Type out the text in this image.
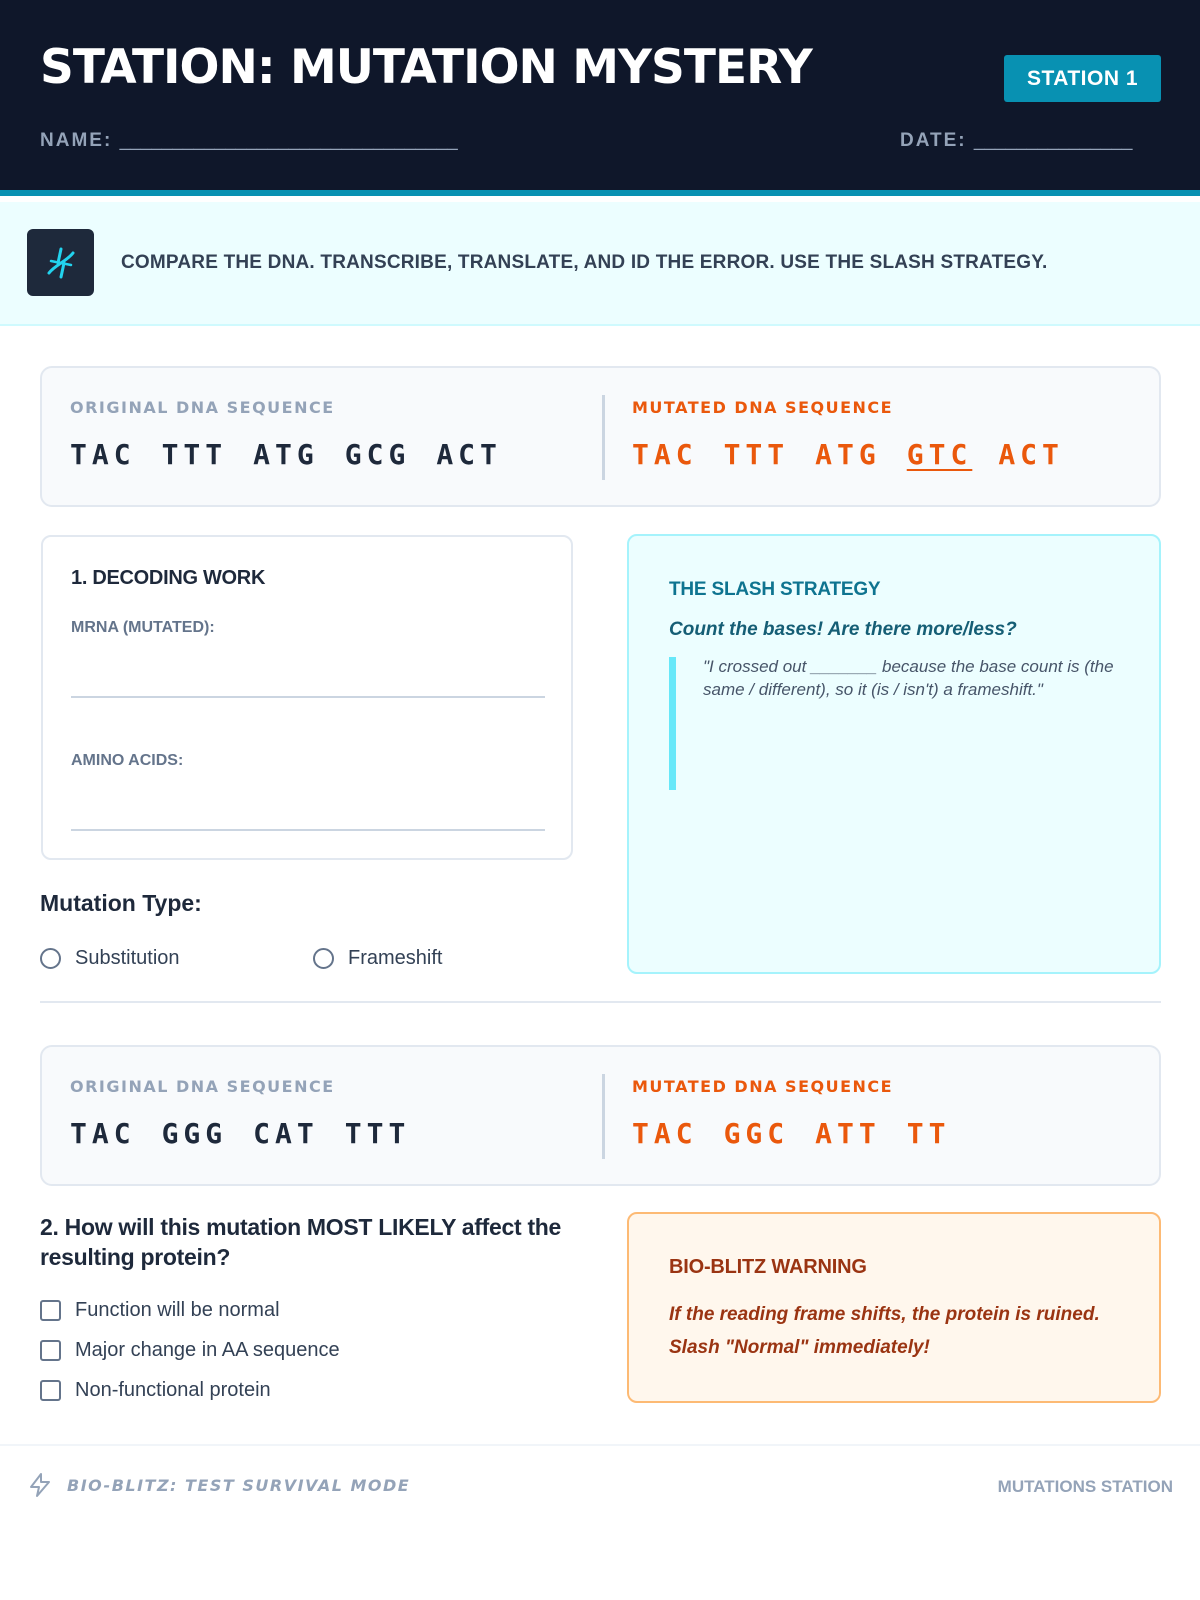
STATION: MUTATION MYSTERY	STATION 1
NAME: ________________________________	DATE: _______________
COMPARE THE DNA. TRANSCRIBE, TRANSLATE, AND ID THE ERROR. USE THE SLASH STRATEGY.
ORIGINAL DNA SEQUENCE
TAC TTT ATG GCG ACT
MUTATED DNA SEQUENCE
TAC TTT ATG GTC ACT
1. DECODING WORK
MRNA (MUTATED):
AMINO ACIDS:
Mutation Type:
Substitution	Frameshift
THE SLASH STRATEGY
Count the bases! Are there more/less?
"I crossed out _______ because the base count is (the same / different), so it (is / isn't) a frameshift."
ORIGINAL DNA SEQUENCE
TAC GGG CAT TTT
MUTATED DNA SEQUENCE
TAC GGC ATT TT
2. How will this mutation MOST LIKELY affect the resulting protein?
Function will be normal
Major change in AA sequence
Non-functional protein
BIO-BLITZ WARNING
If the reading frame shifts, the protein is ruined. Slash "Normal" immediately!
BIO-BLITZ: TEST SURVIVAL MODE	MUTATIONS STATION
